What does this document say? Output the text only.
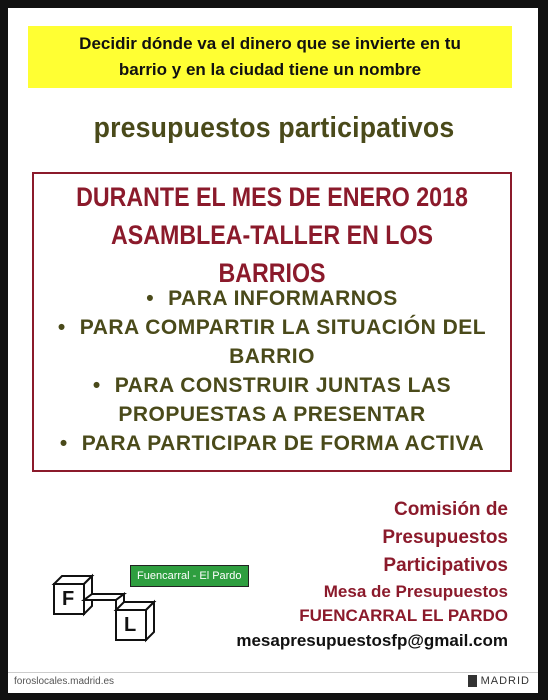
Decidir dónde va el dinero que se invierte en tu
barrio y en la ciudad tiene un nombre
presupuestos participativos
DURANTE EL MES DE ENERO 2018
ASAMBLEA-TALLER EN LOS BARRIOS
• PARA INFORMARNOS
• PARA COMPARTIR LA SITUACIÓN DEL
BARRIO
• PARA CONSTRUIR JUNTAS LAS
PROPUESTAS A PRESENTAR
• PARA PARTICIPAR DE FORMA ACTIVA
Comisión de
Presupuestos
Participativos
Mesa de Presupuestos
FUENCARRAL EL PARDO
mesapresupuestosfp@gmail.com
F
L
Fuencarral - El Pardo
foroslocales.madrid.es	MADRID
